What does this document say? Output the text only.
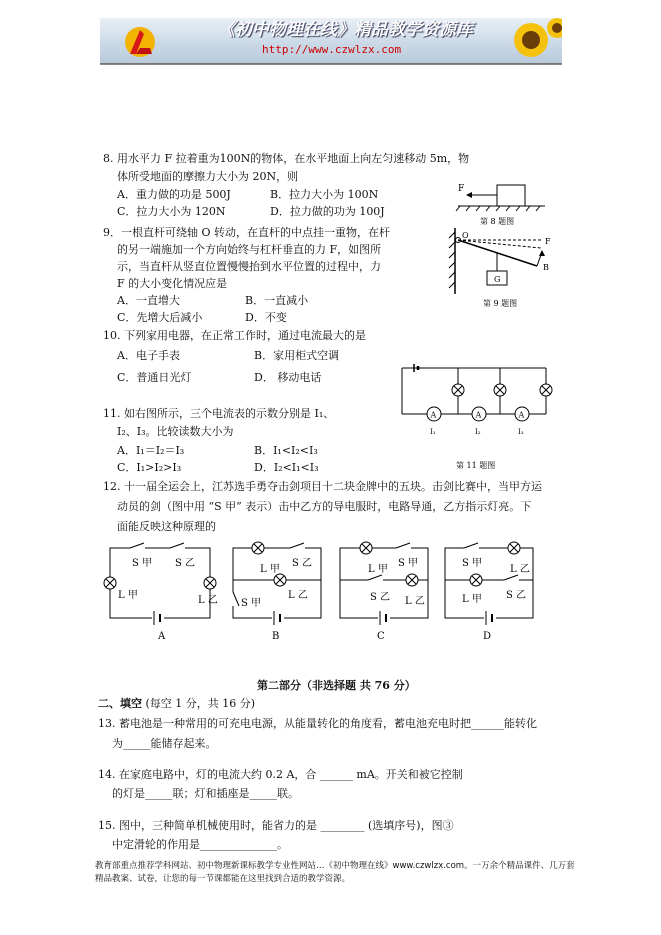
《初中物理在线》精品教学资源库
http://www.czwlzx.com
8. 用水平力 F 拉着重为100N的物体，在水平地面上向左匀速移动 5m，物
体所受地面的摩擦力大小为 20N，则
A．重力做的功是 500J	B．拉力大小为 100N
C．拉力大小为 120N	D．拉力做的功为 100J
F
第 8 题图
9．一根直杆可绕轴 O 转动，在直杆的中点挂一重物，在杆
的另一端施加一个方向始终与杠杆垂直的力 F，如图所
示，当直杆从竖直位置慢慢抬到水平位置的过程中，力
F 的大小变化情况应是
A．一直增大	B．一直减小
C．先增大后减小	D．不变
O
G
F
B
第 9 题图
10. 下列家用电器，在正常工作时，通过电流最大的是
A．电子手表	B．家用柜式空调
C．普通日光灯	D． 移动电话
A	A	A
I₁	I₂	I₃
第 11 题图
11. 如右图所示，三个电流表的示数分别是 I₁、
I₂、I₃。比较读数大小为
A．I₁＝I₂＝I₃	B．I₁<I₂<I₃
C．I₁>I₂>I₃	D．I₂<I₁<I₃
12. 十一届全运会上，江苏选手勇夺击剑项目十二块金牌中的五块。击剑比赛中，当甲方运
动员的剑（图中用 “S 甲” 表示）击中乙方的导电服时，电路导通，乙方指示灯亮。下
面能反映这种原理的
S 甲 S 乙
L 甲	L 乙
A
L 甲
S 乙
L 乙
S 甲
B
L 甲
S 甲
S 乙 L 乙
C
S 甲
L 乙
L 甲 S 乙
D
第二部分（非选择题 共 76 分）
二、填空 (每空 1 分，共 16 分)
13. 蓄电池是一种常用的可充电电源，从能量转化的角度看，蓄电池充电时把______能转化
为_____能储存起来。
14. 在家庭电路中，灯的电流大约 0.2 A，合 ______ mA。开关和被它控制
的灯是_____联；灯和插座是_____联。
15. 图中，三种简单机械使用时，能省力的是 ________ (选填序号)，图③
中定滑轮的作用是______________。
教育部重点推荐学科网站、初中物理新课标教学专业性网站…《初中物理在线》www.czwlzx.com。一万余个精品课件、几万套精品教案、试卷，让您的每一节课都能在这里找到合适的教学资源。
